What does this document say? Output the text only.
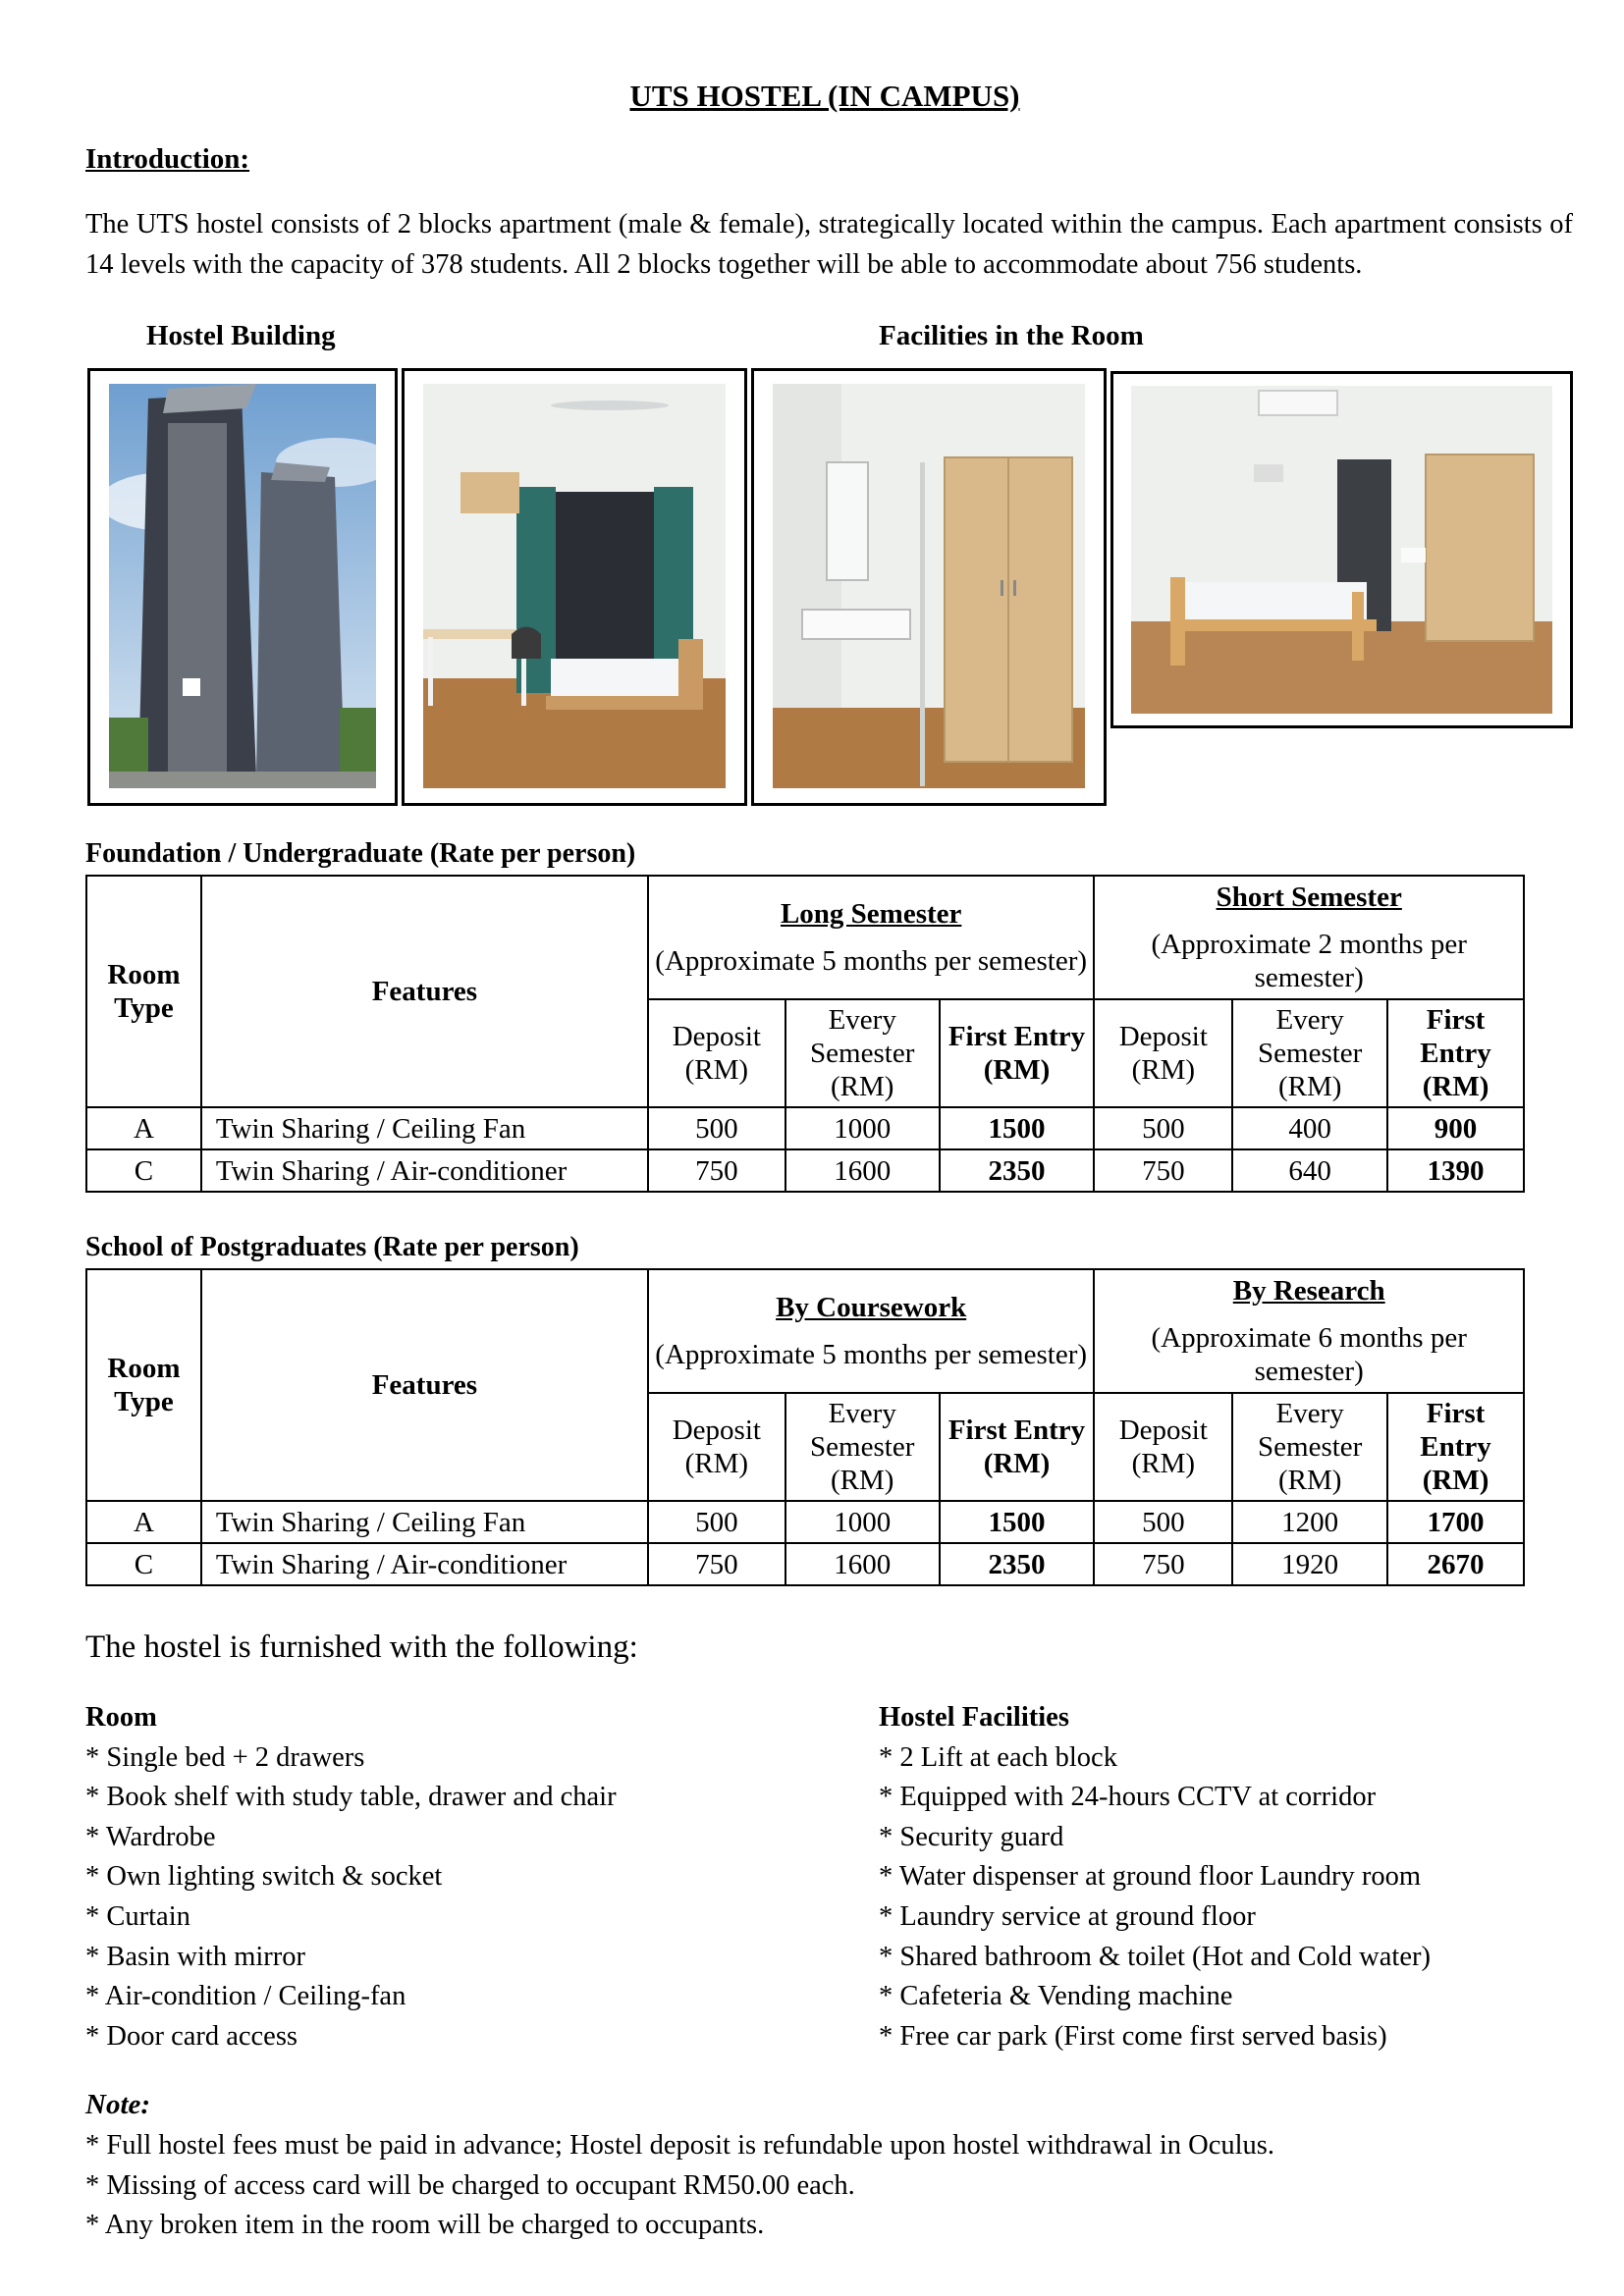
UTS HOSTEL (IN CAMPUS)
Introduction:
The UTS hostel consists of 2 blocks apartment (male & female), strategically located within the campus. Each apartment consists of 14 levels with the capacity of 378 students. All 2 blocks together will be able to accommodate about 756 students.
Hostel Building	Facilities in the Room
Foundation / Undergraduate (Rate per person)
Room Type	Features	Long Semester
(Approximate 5 months per semester)			Short Semester
(Approximate 2 months per semester)		
		Deposit (RM)	Every Semester (RM)	First Entry (RM)	Deposit (RM)	Every Semester (RM)	First Entry (RM)
A	Twin Sharing / Ceiling Fan	500	1000	1500	500	400	900
C	Twin Sharing / Air-conditioner	750	1600	2350	750	640	1390
School of Postgraduates (Rate per person)
Room Type	Features	By Coursework
(Approximate 5 months per semester)			By Research
(Approximate 6 months per semester)		
		Deposit (RM)	Every Semester (RM)	First Entry (RM)	Deposit (RM)	Every Semester (RM)	First Entry (RM)
A	Twin Sharing / Ceiling Fan	500	1000	1500	500	1200	1700
C	Twin Sharing / Air-conditioner	750	1600	2350	750	1920	2670
The hostel is furnished with the following:
Room
* Single bed + 2 drawers
* Book shelf with study table, drawer and chair
* Wardrobe
* Own lighting switch & socket
* Curtain
* Basin with mirror
* Air-condition / Ceiling-fan
* Door card access
Hostel Facilities
* 2 Lift at each block
* Equipped with 24-hours CCTV at corridor
* Security guard
* Water dispenser at ground floor Laundry room
* Laundry service at ground floor
* Shared bathroom & toilet (Hot and Cold water)
* Cafeteria & Vending machine
* Free car park (First come first served basis)
Note:
* Full hostel fees must be paid in advance; Hostel deposit is refundable upon hostel withdrawal in Oculus.
* Missing of access card will be charged to occupant RM50.00 each.
* Any broken item in the room will be charged to occupants.
